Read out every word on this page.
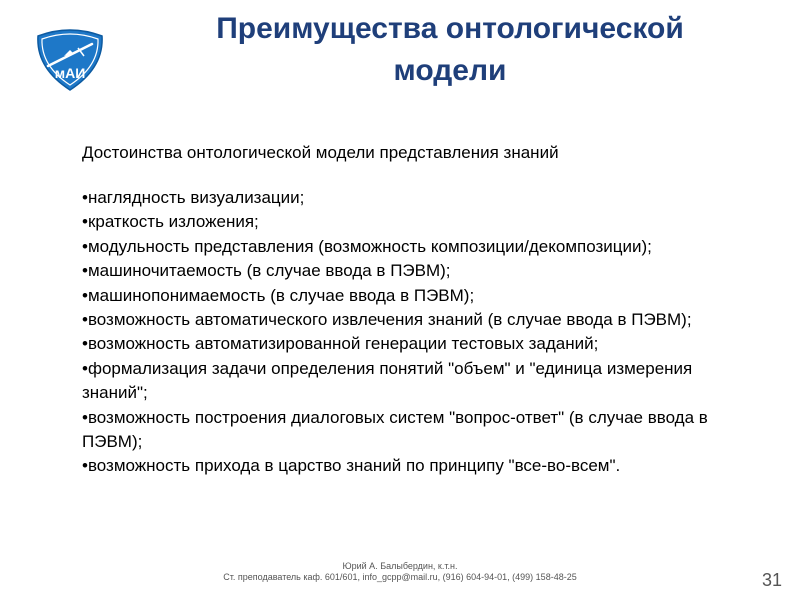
мАИ
Преимущества онтологической
модели

Достоинства онтологической модели представления знаний

•наглядность визуализации;
•краткость изложения;
•модульность представления (возможность композиции/декомпозиции);
•машиночитаемость (в случае ввода в ПЭВМ);
•машинопонимаемость (в случае ввода в ПЭВМ);
•возможность автоматического извлечения знаний (в случае ввода в ПЭВМ);
•возможность автоматизированной генерации тестовых заданий;
•формализация задачи определения понятий "объем" и "единица измерения знаний";
•возможность построения диалоговых систем "вопрос-ответ" (в случае ввода в ПЭВМ);
•возможность прихода в царство знаний по принципу "все-во-всем".
Юрий А. Балыбердин, к.т.н.
Ст. преподаватель каф. 601/601, info_gcpp@mail.ru, (916) 604-94-01, (499) 158-48-25	31
